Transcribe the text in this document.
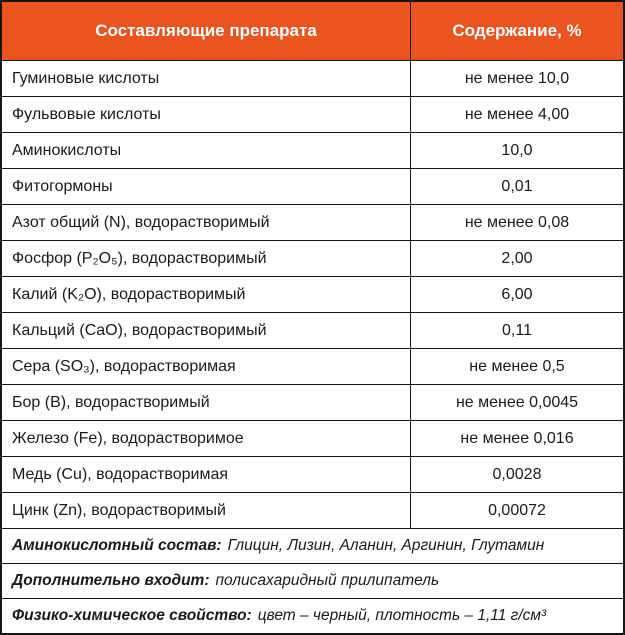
Составляющие препарата	Содержание, %
Гуминовые кислоты	не менее 10,0
Фульвовые кислоты	не менее 4,00
Аминокислоты	10,0
Фитогормоны	0,01
Азот общий (N), водорастворимый	не менее 0,08
Фосфор (P₂O₅), водорастворимый	2,00
Калий (K₂O), водорастворимый	6,00
Кальций (CaO), водорастворимый	0,11
Сера (SO₃), водорастворимая	не менее 0,5
Бор (B), водорастворимый	не менее 0,0045
Железо (Fe), водорастворимое	не менее 0,016
Медь (Cu), водорастворимая	0,0028
Цинк (Zn), водорастворимый	0,00072
Аминокислотный состав: Глицин, Лизин, Аланин, Аргинин, Глутамин
Дополнительно входит: полисахаридный прилипатель
Физико-химическое свойство: цвет – черный, плотность – 1,11 г/см³
